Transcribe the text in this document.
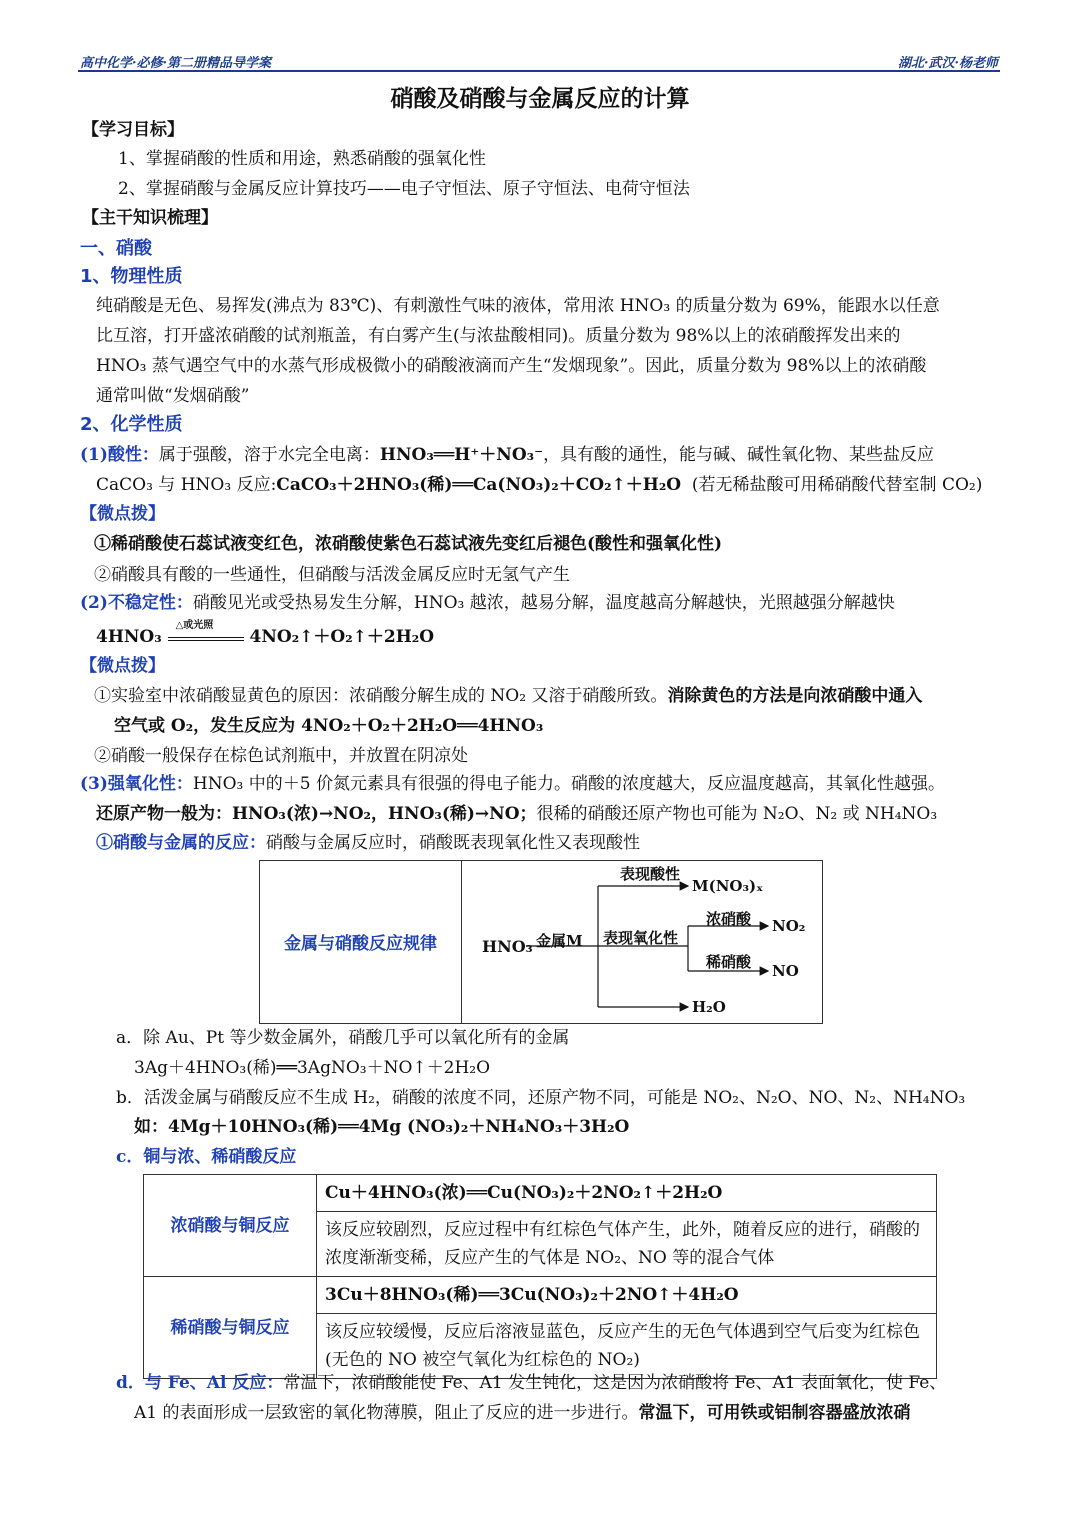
高中化学·必修·第二册精品导学案	湖北·武汉·杨老师
硝酸及硝酸与金属反应的计算
【学习目标】
1、掌握硝酸的性质和用途，熟悉硝酸的强氧化性
2、掌握硝酸与金属反应计算技巧——电子守恒法、原子守恒法、电荷守恒法
【主干知识梳理】
一、硝酸
1、物理性质
纯硝酸是无色、易挥发(沸点为 83℃)、有刺激性气味的液体，常用浓 HNO₃ 的质量分数为 69%，能跟水以任意
比互溶，打开盛浓硝酸的试剂瓶盖，有白雾产生(与浓盐酸相同)。质量分数为 98%以上的浓硝酸挥发出来的
HNO₃ 蒸气遇空气中的水蒸气形成极微小的硝酸液滴而产生“发烟现象”。因此，质量分数为 98%以上的浓硝酸
通常叫做“发烟硝酸”
2、化学性质
(1)酸性：属于强酸，溶于水完全电离：HNO₃══H⁺＋NO₃⁻，具有酸的通性，能与碱、碱性氧化物、某些盐反应
CaCO₃ 与 HNO₃ 反应:CaCO₃＋2HNO₃(稀)══Ca(NO₃)₂＋CO₂↑＋H₂O (若无稀盐酸可用稀硝酸代替室制 CO₂)
【微点拨】
①稀硝酸使石蕊试液变红色，浓硝酸使紫色石蕊试液先变红后褪色(酸性和强氧化性)
②硝酸具有酸的一些通性，但硝酸与活泼金属反应时无氢气产生
(2)不稳定性：硝酸见光或受热易发生分解，HNO₃ 越浓，越易分解，温度越高分解越快，光照越强分解越快
4HNO₃
△或光照
4NO₂↑＋O₂↑＋2H₂O
【微点拨】
①实验室中浓硝酸显黄色的原因：浓硝酸分解生成的 NO₂ 又溶于硝酸所致。消除黄色的方法是向浓硝酸中通入
空气或 O₂，发生反应为 4NO₂＋O₂＋2H₂O══4HNO₃
②硝酸一般保存在棕色试剂瓶中，并放置在阴凉处
(3)强氧化性：HNO₃ 中的＋5 价氮元素具有很强的得电子能力。硝酸的浓度越大，反应温度越高，其氧化性越强。
还原产物一般为：HNO₃(浓)→NO₂，HNO₃(稀)→NO；很稀的硝酸还原产物也可能为 N₂O、N₂ 或 NH₄NO₃
①硝酸与金属的反应：硝酸与金属反应时，硝酸既表现氧化性又表现酸性
金属与硝酸反应规律	HNO₃ 金属M
表现酸性
M(NO₃)ₓ
表现氧化性
浓硝酸
稀硝酸
NO₂
NO
H₂O
a．除 Au、Pt 等少数金属外，硝酸几乎可以氧化所有的金属
3Ag＋4HNO₃(稀)══3AgNO₃＋NO↑＋2H₂O
b．活泼金属与硝酸反应不生成 H₂，硝酸的浓度不同，还原产物不同，可能是 NO₂、N₂O、NO、N₂、NH₄NO₃
如：4Mg＋10HNO₃(稀)══4Mg (NO₃)₂＋NH₄NO₃＋3H₂O
c．铜与浓、稀硝酸反应
浓硝酸与铜反应	Cu＋4HNO₃(浓)══Cu(NO₃)₂＋2NO₂↑＋2H₂O
	该反应较剧烈，反应过程中有红棕色气体产生，此外，随着反应的进行，硝酸的浓度渐渐变稀，反应产生的气体是 NO₂、NO 等的混合气体
稀硝酸与铜反应	3Cu＋8HNO₃(稀)══3Cu(NO₃)₂＋2NO↑＋4H₂O
	该反应较缓慢，反应后溶液显蓝色，反应产生的无色气体遇到空气后变为红棕色(无色的 NO 被空气氧化为红棕色的 NO₂)
d．与 Fe、Al 反应：常温下，浓硝酸能使 Fe、A1 发生钝化，这是因为浓硝酸将 Fe、A1 表面氧化，使 Fe、
A1 的表面形成一层致密的氧化物薄膜，阻止了反应的进一步进行。常温下，可用铁或铝制容器盛放浓硝
